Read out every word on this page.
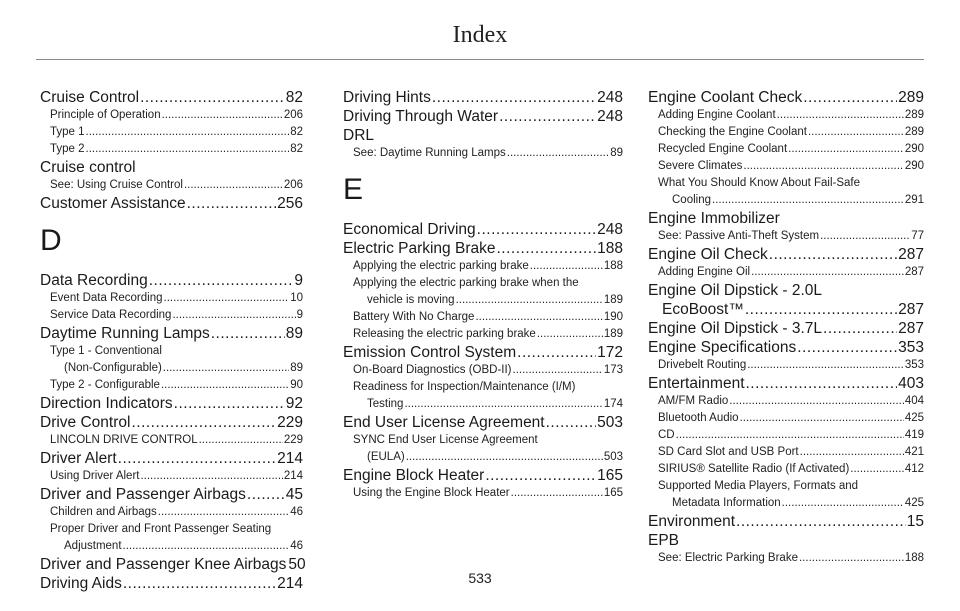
Index
Cruise Control .....	82
Principle of Operation .....	206
Type 1 .....	82
Type 2 .....	82
Cruise control
See: Using Cruise Control .....	206
Customer Assistance .....	256
D
Data Recording .....	9
Event Data Recording .....	10
Service Data Recording .....	9
Daytime Running Lamps .....	89
Type 1 - Conventional
(Non-Configurable) .....	89
Type 2 - Configurable .....	90
Direction Indicators .....	92
Drive Control .....	229
LINCOLN DRIVE CONTROL .....	229
Driver Alert .....	214
Using Driver Alert .....	214
Driver and Passenger Airbags .....	45
Children and Airbags .....	46
Proper Driver and Front Passenger Seating
Adjustment .....	46
Driver and Passenger Knee Airbags 50
Driving Aids .....	214
Driving Hints .....	248
Driving Through Water .....	248
DRL
See: Daytime Running Lamps .....	89
E
Economical Driving .....	248
Electric Parking Brake .....	188
Applying the electric parking brake .....	188
Applying the electric parking brake when the
vehicle is moving .....	189
Battery With No Charge .....	190
Releasing the electric parking brake .....	189
Emission Control System .....	172
On-Board Diagnostics (OBD-II) .....	173
Readiness for Inspection/Maintenance (I/M)
Testing .....	174
End User License Agreement .....	503
SYNC End User License Agreement
(EULA) .....	503
Engine Block Heater .....	165
Using the Engine Block Heater .....	165
Engine Coolant Check .....	289
Adding Engine Coolant .....	289
Checking the Engine Coolant .....	289
Recycled Engine Coolant .....	290
Severe Climates .....	290
What You Should Know About Fail-Safe
Cooling .....	291
Engine Immobilizer
See: Passive Anti-Theft System .....	77
Engine Oil Check .....	287
Adding Engine Oil .....	287
Engine Oil Dipstick - 2.0L
EcoBoost™ .....	287
Engine Oil Dipstick - 3.7L .....	287
Engine Specifications .....	353
Drivebelt Routing .....	353
Entertainment .....	403
AM/FM Radio .....	404
Bluetooth Audio .....	425
CD .....	419
SD Card Slot and USB Port .....	421
SIRIUS® Satellite Radio (If Activated) .....	412
Supported Media Players, Formats and
Metadata Information .....	425
Environment .....	15
EPB
See: Electric Parking Brake .....	188
533
